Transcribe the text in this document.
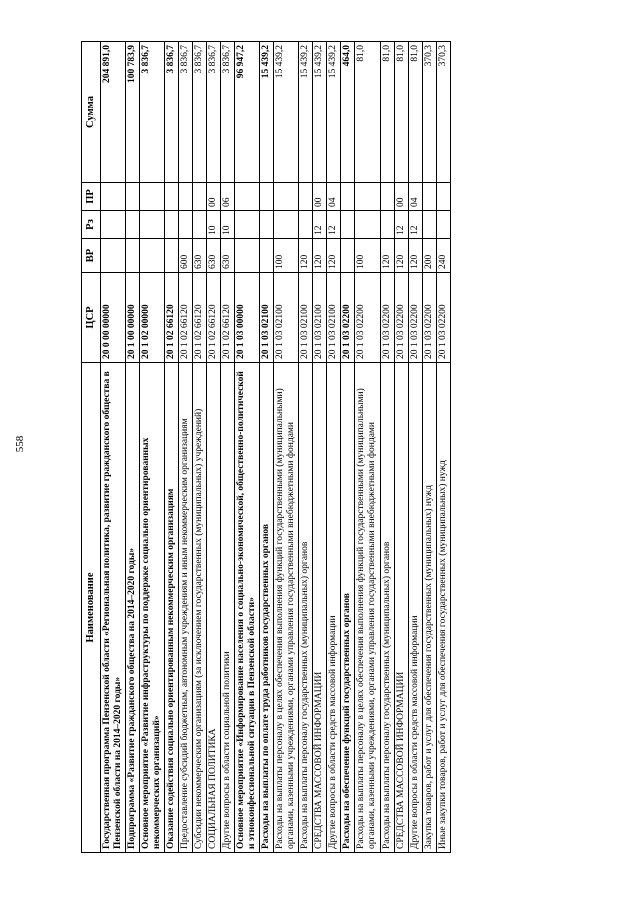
558
Наименование	ЦСР	ВР	Рз	ПР	Сумма
Государственная программа Пензенской области «Региональная политика, развитие гражданского общества в Пензенской области на 2014–2020 годы»	20 0 00 00000				204 891,0
Подпрограмма «Развитие гражданского общества на 2014–2020 годы»	20 1 00 00000				100 783,9
Основное мероприятие «Развитие инфраструктуры по поддержке социально ориентированных некоммерческих организаций»	20 1 02 00000				3 836,7
Оказание содействия социально ориентированным некоммерческим организациям	20 1 02 66120				3 836,7
Предоставление субсидий бюджетным, автономным учреждениям и иным некоммерческим организациям	20 1 02 66120	600			3 836,7
Субсидии некоммерческим организациям (за исключением государственных (муниципальных) учреждений)	20 1 02 66120	630			3 836,7
СОЦИАЛЬНАЯ ПОЛИТИКА	20 1 02 66120	630	10	00	3 836,7
Другие вопросы в области социальной политики	20 1 02 66120	630	10	06	3 836,7
Основное мероприятие «Информирование населения о социально-экономической, общественно-политической и этноконфессиональной ситуации в Пензенской области»	20 1 03 00000				96 947,2
Расходы на выплаты по оплате труда работников государственных органов	20 1 03 02100				15 439,2
Расходы на выплаты персоналу в целях обеспечения выполнения функций государственными (муниципальными) органами, казенными учреждениями, органами управления государственными внебюджетными фондами	20 1 03 02100	100			15 439,2
Расходы на выплаты персоналу государственных (муниципальных) органов	20 1 03 02100	120			15 439,2
СРЕДСТВА МАССОВОЙ ИНФОРМАЦИИ	20 1 03 02100	120	12	00	15 439,2
Другие вопросы в области средств массовой информации	20 1 03 02100	120	12	04	15 439,2
Расходы на обеспечение функций государственных органов	20 1 03 02200				464,0
Расходы на выплаты персоналу в целях обеспечения выполнения функций государственными (муниципальными) органами, казенными учреждениями, органами управления государственными внебюджетными фондами	20 1 03 02200	100			81,0
Расходы на выплаты персоналу государственных (муниципальных) органов	20 1 03 02200	120			81,0
СРЕДСТВА МАССОВОЙ ИНФОРМАЦИИ	20 1 03 02200	120	12	00	81,0
Другие вопросы в области средств массовой информации	20 1 03 02200	120	12	04	81,0
Закупка товаров, работ и услуг для обеспечения государственных (муниципальных) нужд	20 1 03 02200	200			370,3
Иные закупки товаров, работ и услуг для обеспечения государственных (муниципальных) нужд	20 1 03 02200	240			370,3
